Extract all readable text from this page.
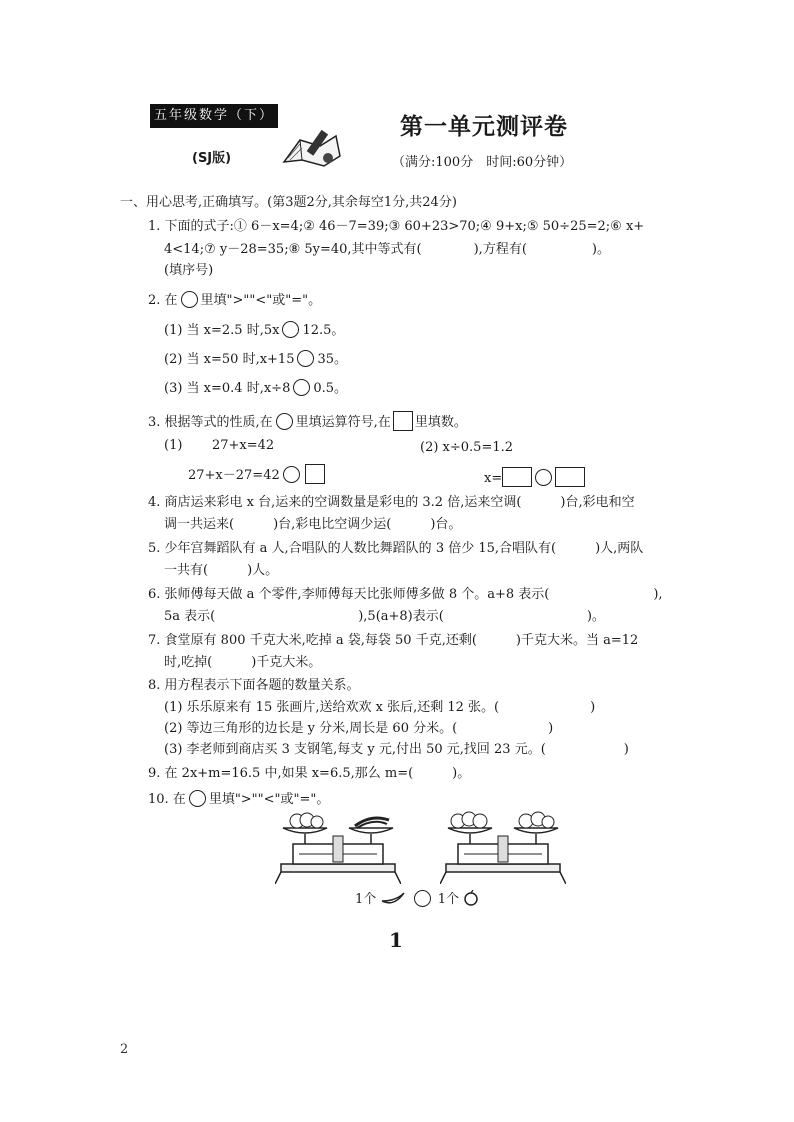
五年级数学（下）
(SJ版)
第一单元测评卷
（满分:100分　时间:60分钟）
一、用心思考,正确填写。(第3题2分,其余每空1分,共24分)
1. 下面的式子:① 6－x=4;② 46－7=39;③ 60+23>70;④ 9+x;⑤ 50÷25=2;⑥ x+
4<14;⑦ y－28=35;⑧ 5y=40,其中等式有(　　　　),方程有(　　　　　)。
(填序号)
2. 在 里填">""<"或"="。
(1) 当 x=2.5 时,5x 12.5。
(2) 当 x=50 时,x+15 35。
(3) 当 x=0.4 时,x÷8 0.5。
3. 根据等式的性质,在 里填运算符号,在 里填数。
(1) 27+x=42
27+x－27=42
(2) x÷0.5=1.2
x=
4. 商店运来彩电 x 台,运来的空调数量是彩电的 3.2 倍,运来空调(　　　)台,彩电和空
调一共运来(　　　)台,彩电比空调少运(　　　)台。
5. 少年宫舞蹈队有 a 人,合唱队的人数比舞蹈队的 3 倍少 15,合唱队有(　　　)人,两队
一共有(　　　)人。
6. 张师傅每天做 a 个零件,李师傅每天比张师傅多做 8 个。a+8 表示(　　　　　　　　),
5a 表示(　　　　　　　　　　　),5(a+8)表示(　　　　　　　　　　　)。
7. 食堂原有 800 千克大米,吃掉 a 袋,每袋 50 千克,还剩(　　　)千克大米。当 a=12
时,吃掉(　　　)千克大米。
8. 用方程表示下面各题的数量关系。
(1) 乐乐原来有 15 张画片,送给欢欢 x 张后,还剩 12 张。(　　　　　　　)
(2) 等边三角形的边长是 y 分米,周长是 60 分米。(　　　　　　　)
(3) 李老师到商店买 3 支钢笔,每支 y 元,付出 50 元,找回 23 元。(　　　　　　)
9. 在 2x+m=16.5 中,如果 x=6.5,那么 m=(　　　)。
10. 在 里填">""<"或"="。
1个	1个
1
2
